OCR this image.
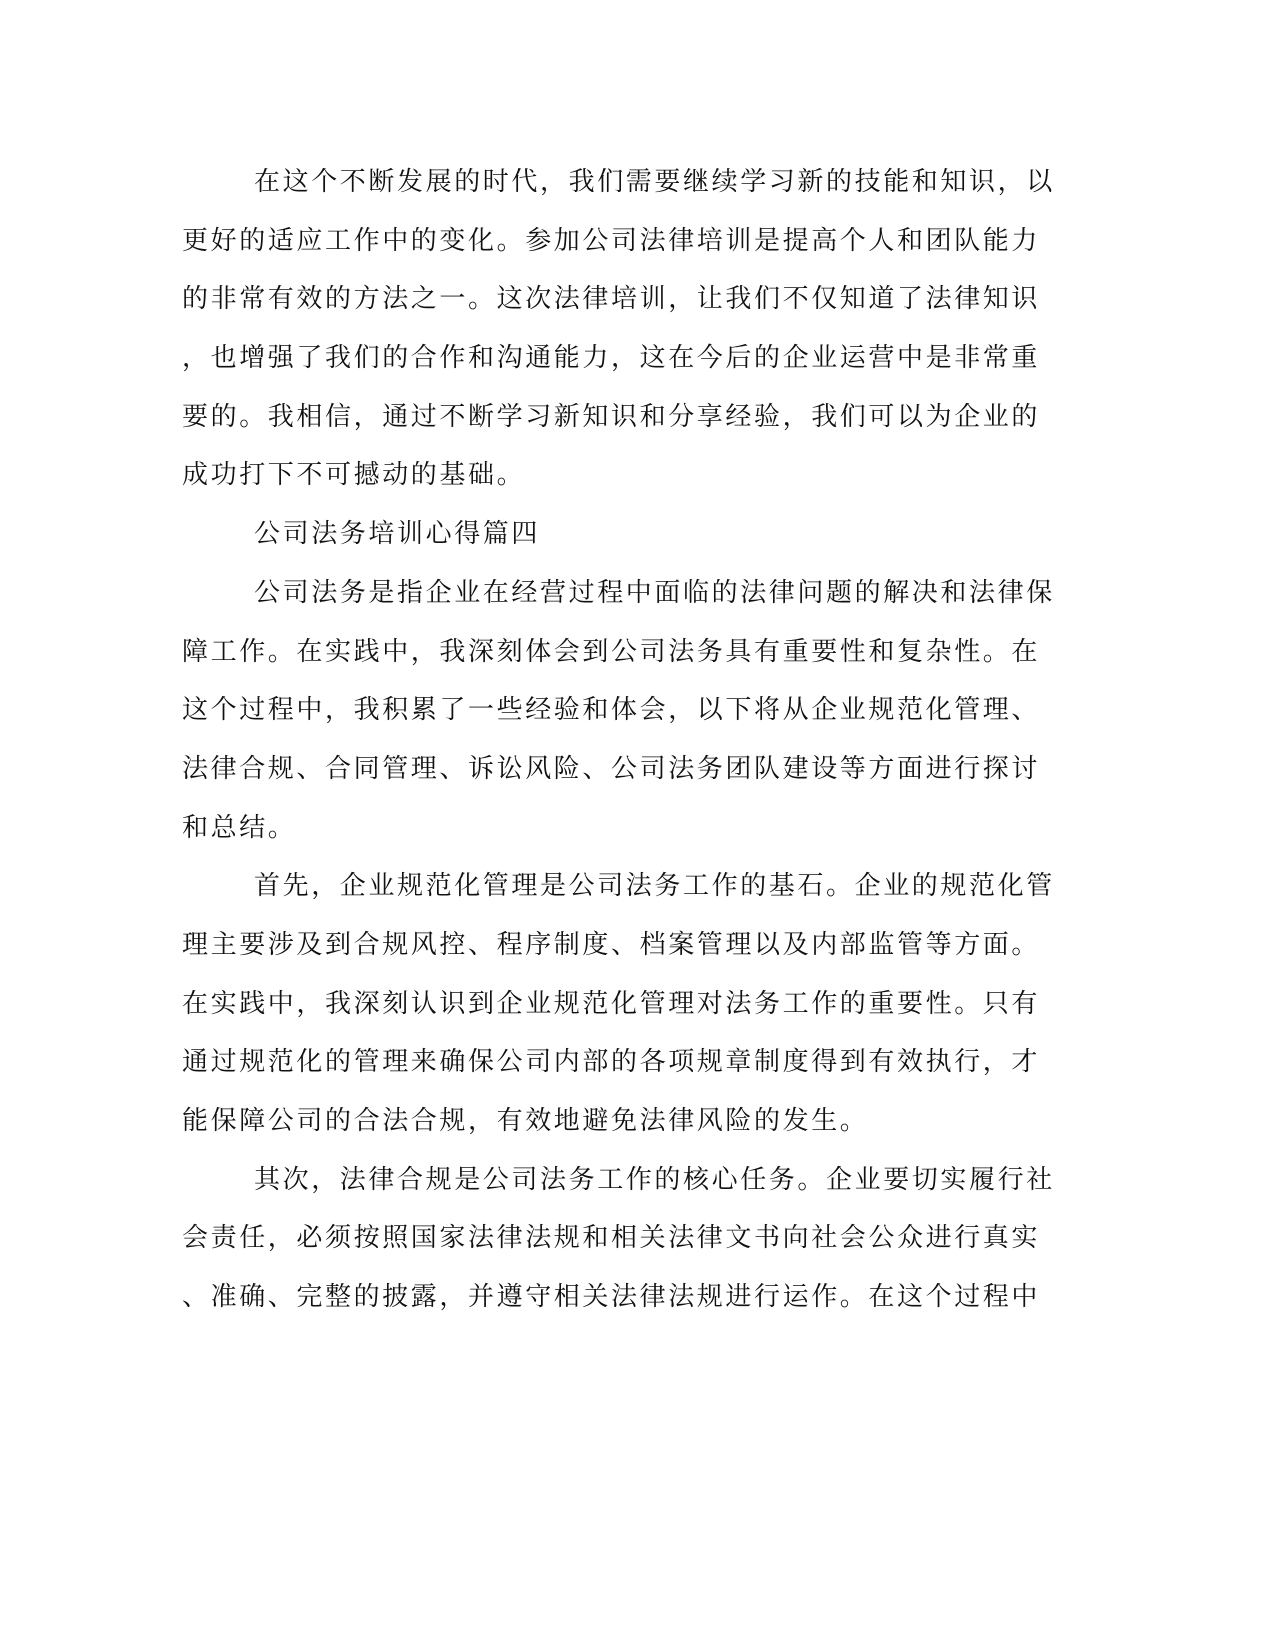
在这个不断发展的时代，我们需要继续学习新的技能和知识，以
更好的适应工作中的变化。参加公司法律培训是提高个人和团队能力
的非常有效的方法之一。这次法律培训，让我们不仅知道了法律知识
，也增强了我们的合作和沟通能力，这在今后的企业运营中是非常重
要的。我相信，通过不断学习新知识和分享经验，我们可以为企业的
成功打下不可撼动的基础。
公司法务培训心得篇四
公司法务是指企业在经营过程中面临的法律问题的解决和法律保
障工作。在实践中，我深刻体会到公司法务具有重要性和复杂性。在
这个过程中，我积累了一些经验和体会，以下将从企业规范化管理、
法律合规、合同管理、诉讼风险、公司法务团队建设等方面进行探讨
和总结。
首先，企业规范化管理是公司法务工作的基石。企业的规范化管
理主要涉及到合规风控、程序制度、档案管理以及内部监管等方面。
在实践中，我深刻认识到企业规范化管理对法务工作的重要性。只有
通过规范化的管理来确保公司内部的各项规章制度得到有效执行，才
能保障公司的合法合规，有效地避免法律风险的发生。
其次，法律合规是公司法务工作的核心任务。企业要切实履行社
会责任，必须按照国家法律法规和相关法律文书向社会公众进行真实
、准确、完整的披露，并遵守相关法律法规进行运作。在这个过程中
